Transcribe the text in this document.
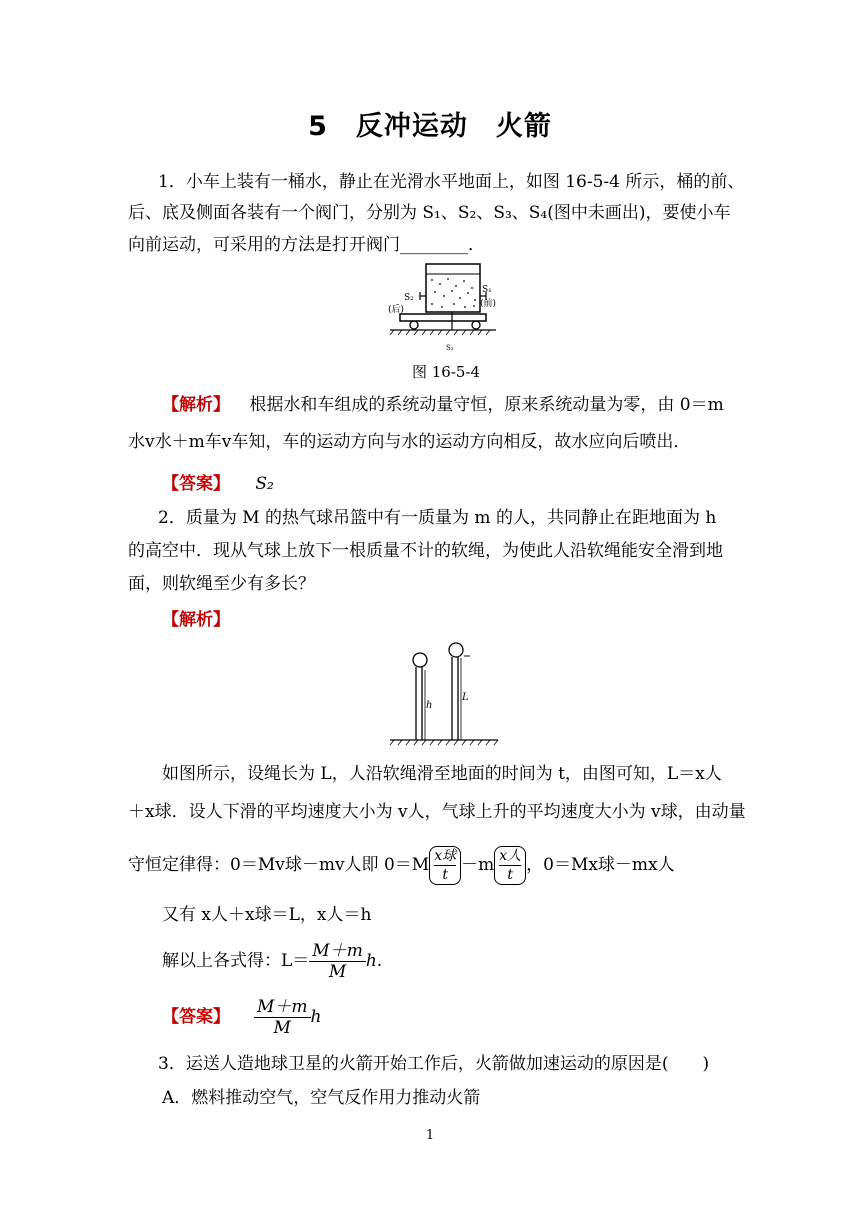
5　反冲运动　火箭
1．小车上装有一桶水，静止在光滑水平地面上，如图 16-5-4 所示，桶的前、
后、底及侧面各装有一个阀门，分别为 S₁、S₂、S₃、S₄(图中未画出)，要使小车
向前运动，可采用的方法是打开阀门________．
S₁
(前)
S₂
(后)
S₃
图 16-5-4
【解析】 根据水和车组成的系统动量守恒，原来系统动量为零，由 0＝m
水v水＋m车v车知，车的运动方向与水的运动方向相反，故水应向后喷出．
【答案】 S₂
2．质量为 M 的热气球吊篮中有一质量为 m 的人，共同静止在距地面为 h
的高空中．现从气球上放下一根质量不计的软绳，为使此人沿软绳能安全滑到地
面，则软绳至少有多长？
【解析】
h
L
如图所示，设绳长为 L，人沿软绳滑至地面的时间为 t，由图可知，L＝x人
＋x球．设人下滑的平均速度大小为 v人，气球上升的平均速度大小为 v球，由动量
守恒定律得：0＝Mv球－mv人即 0＝M x球
t －m x人
t ，0＝Mx球－mx人
又有 x人＋x球＝L，x人＝h
解以上各式得：$L= \frac{M+m}{M} h$.
【答案】 $\frac{M+m}{M}$ h
3．运送人造地球卫星的火箭开始工作后，火箭做加速运动的原因是(　　)
A．燃料推动空气，空气反作用力推动火箭
1
